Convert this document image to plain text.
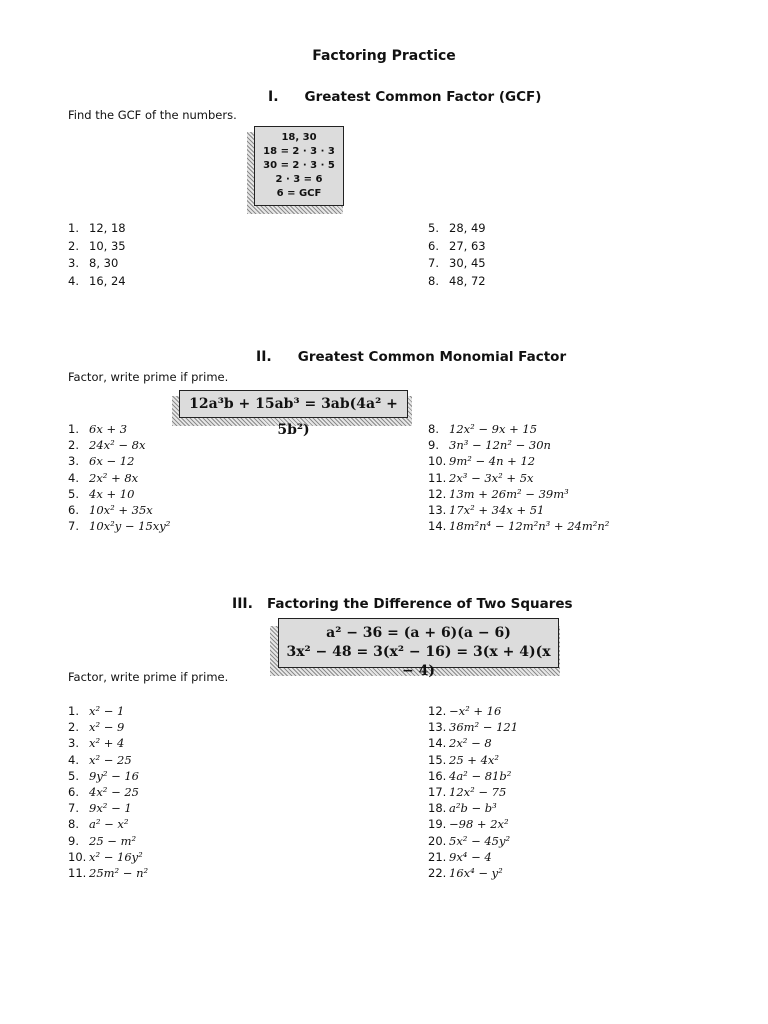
Factoring Practice
I. Greatest Common Factor (GCF)
Find the GCF of the numbers.
18, 30
18 = 2 · 3 · 3
30 = 2 · 3 · 5
2 · 3 = 6
6 = GCF
1. 12, 18
2. 10, 35
3. 8, 30
4. 16, 24
5. 28, 49
6. 27, 63
7. 30, 45
8. 48, 72
II. Greatest Common Monomial Factor
Factor, write prime if prime.
12a³b + 15ab³ = 3ab(4a² + 5b²)
1. 6x + 3
2. 24x² − 8x
3. 6x − 12
4. 2x² + 8x
5. 4x + 10
6. 10x² + 35x
7. 10x²y − 15xy²
8. 12x² − 9x + 15
9. 3n³ − 12n² − 30n
10. 9m² − 4n + 12
11. 2x³ − 3x² + 5x
12. 13m + 26m² − 39m³
13. 17x² + 34x + 51
14. 18m²n⁴ − 12m²n³ + 24m²n²
III. Factoring the Difference of Two Squares
a² − 36 = (a + 6)(a − 6)
3x² − 48 = 3(x² − 16) = 3(x + 4)(x − 4)
Factor, write prime if prime.
1. x² − 1
2. x² − 9
3. x² + 4
4. x² − 25
5. 9y² − 16
6. 4x² − 25
7. 9x² − 1
8. a² − x²
9. 25 − m²
10. x² − 16y²
11. 25m² − n²
12. −x² + 16
13. 36m² − 121
14. 2x² − 8
15. 25 + 4x²
16. 4a² − 81b²
17. 12x² − 75
18. a²b − b³
19. −98 + 2x²
20. 5x² − 45y²
21. 9x⁴ − 4
22. 16x⁴ − y²
